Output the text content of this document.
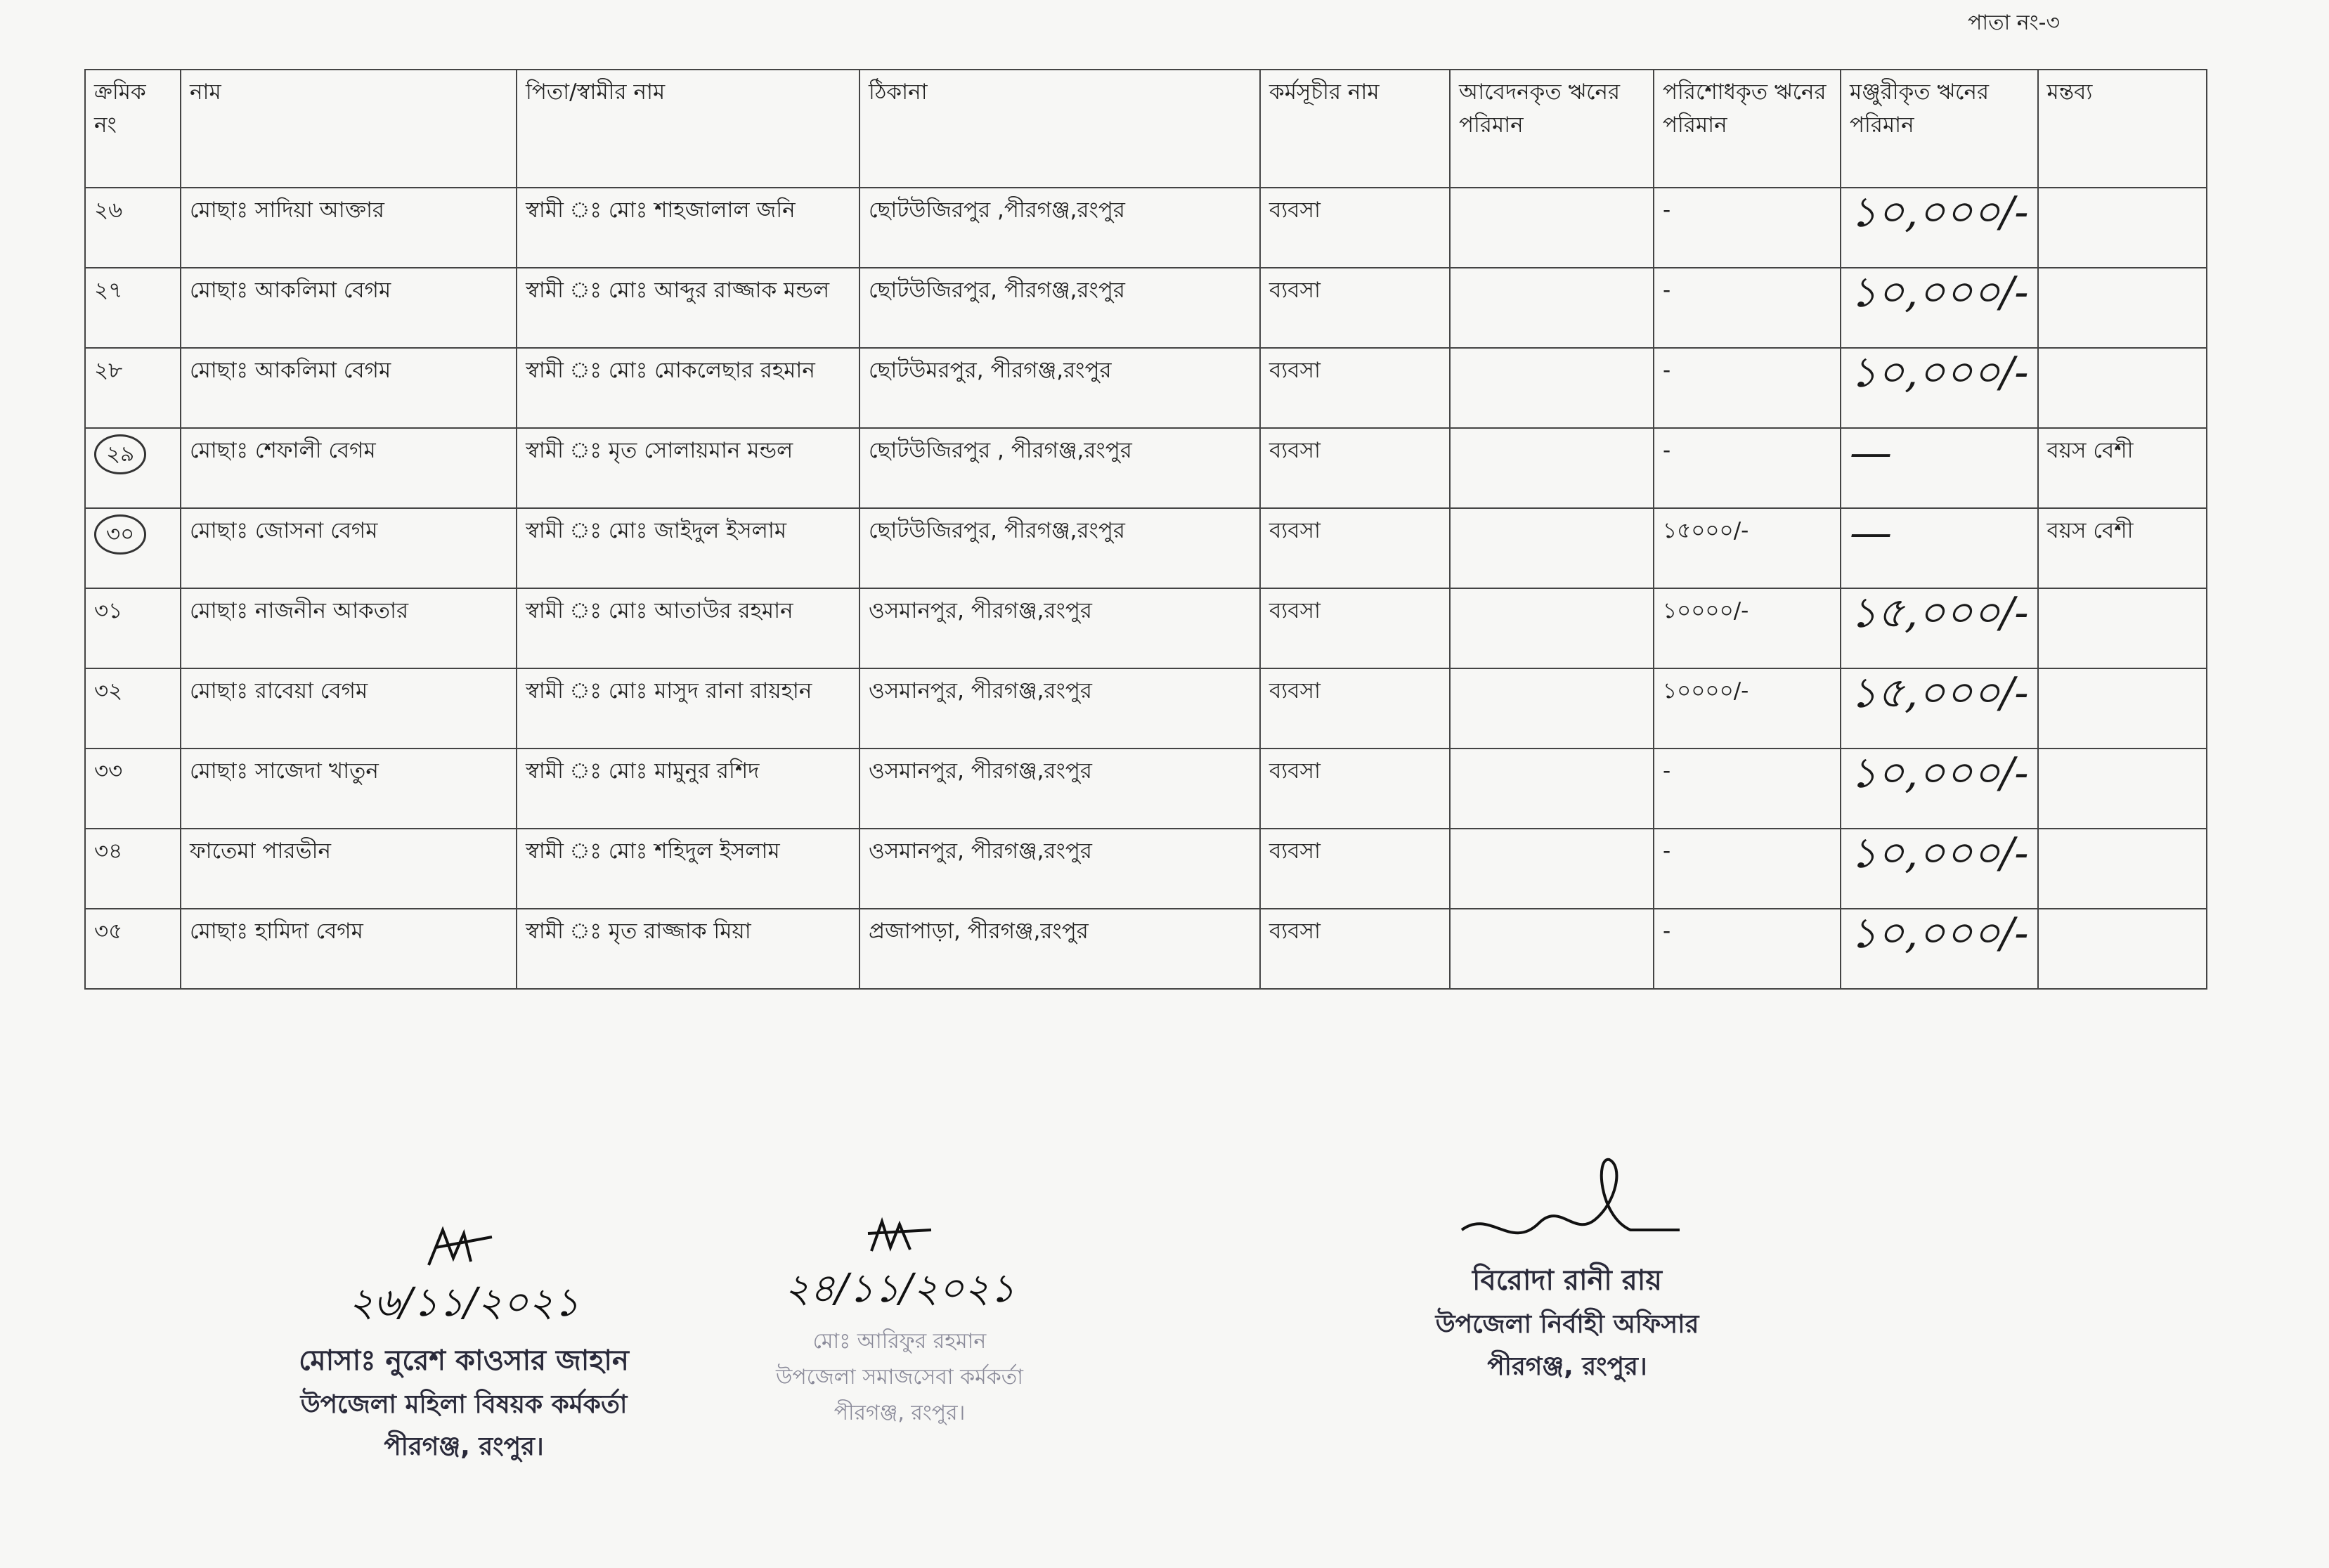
পাতা নং-৩
ক্রমিক নং	নাম	পিতা/স্বামীর নাম	ঠিকানা	কর্মসূচীর নাম	আবেদনকৃত ঋনের পরিমান	পরিশোধকৃত ঋনের পরিমান	মঞ্জুরীকৃত ঋনের পরিমান	মন্তব্য
২৬	মোছাঃ সাদিয়া আক্তার	স্বামী ঃ মোঃ শাহজালাল জনি	ছোটউজিরপুর ,পীরগঞ্জ,রংপুর	ব্যবসা		-	১০,০০০/-	
২৭	মোছাঃ আকলিমা বেগম	স্বামী ঃ মোঃ আব্দুর রাজ্জাক মন্ডল	ছোটউজিরপুর, পীরগঞ্জ,রংপুর	ব্যবসা		-	১০,০০০/-	
২৮	মোছাঃ আকলিমা বেগম	স্বামী ঃ মোঃ মোকলেছার রহমান	ছোটউমরপুর, পীরগঞ্জ,রংপুর	ব্যবসা		-	১০,০০০/-	
২৯	মোছাঃ শেফালী বেগম	স্বামী ঃ মৃত সোলায়মান মন্ডল	ছোটউজিরপুর , পীরগঞ্জ,রংপুর	ব্যবসা		-	—	বয়স বেশী
৩০	মোছাঃ জোসনা বেগম	স্বামী ঃ মোঃ জাইদুল ইসলাম	ছোটউজিরপুর, পীরগঞ্জ,রংপুর	ব্যবসা		১৫০০০/-	—	বয়স বেশী
৩১	মোছাঃ নাজনীন আকতার	স্বামী ঃ মোঃ আতাউর রহমান	ওসমানপুর, পীরগঞ্জ,রংপুর	ব্যবসা		১০০০০/-	১৫,০০০/-	
৩২	মোছাঃ রাবেয়া বেগম	স্বামী ঃ মোঃ মাসুদ রানা রায়হান	ওসমানপুর, পীরগঞ্জ,রংপুর	ব্যবসা		১০০০০/-	১৫,০০০/-	
৩৩	মোছাঃ সাজেদা খাতুন	স্বামী ঃ মোঃ মামুনুর রশিদ	ওসমানপুর, পীরগঞ্জ,রংপুর	ব্যবসা		-	১০,০০০/-	
৩৪	ফাতেমা পারভীন	স্বামী ঃ মোঃ শহিদুল ইসলাম	ওসমানপুর, পীরগঞ্জ,রংপুর	ব্যবসা		-	১০,০০০/-	
৩৫	মোছাঃ হামিদা বেগম	স্বামী ঃ মৃত রাজ্জাক মিয়া	প্রজাপাড়া, পীরগঞ্জ,রংপুর	ব্যবসা		-	১০,০০০/-	
২৬/১১/২০২১
মোসাঃ নুরেশ কাওসার জাহান
উপজেলা মহিলা বিষয়ক কর্মকর্তা
পীরগঞ্জ, রংপুর।
২৪/১১/২০২১
মোঃ আরিফুর রহমান
উপজেলা সমাজসেবা কর্মকর্তা
পীরগঞ্জ, রংপুর।
বিরোদা রানী রায়
উপজেলা নির্বাহী অফিসার
পীরগঞ্জ, রংপুর।
